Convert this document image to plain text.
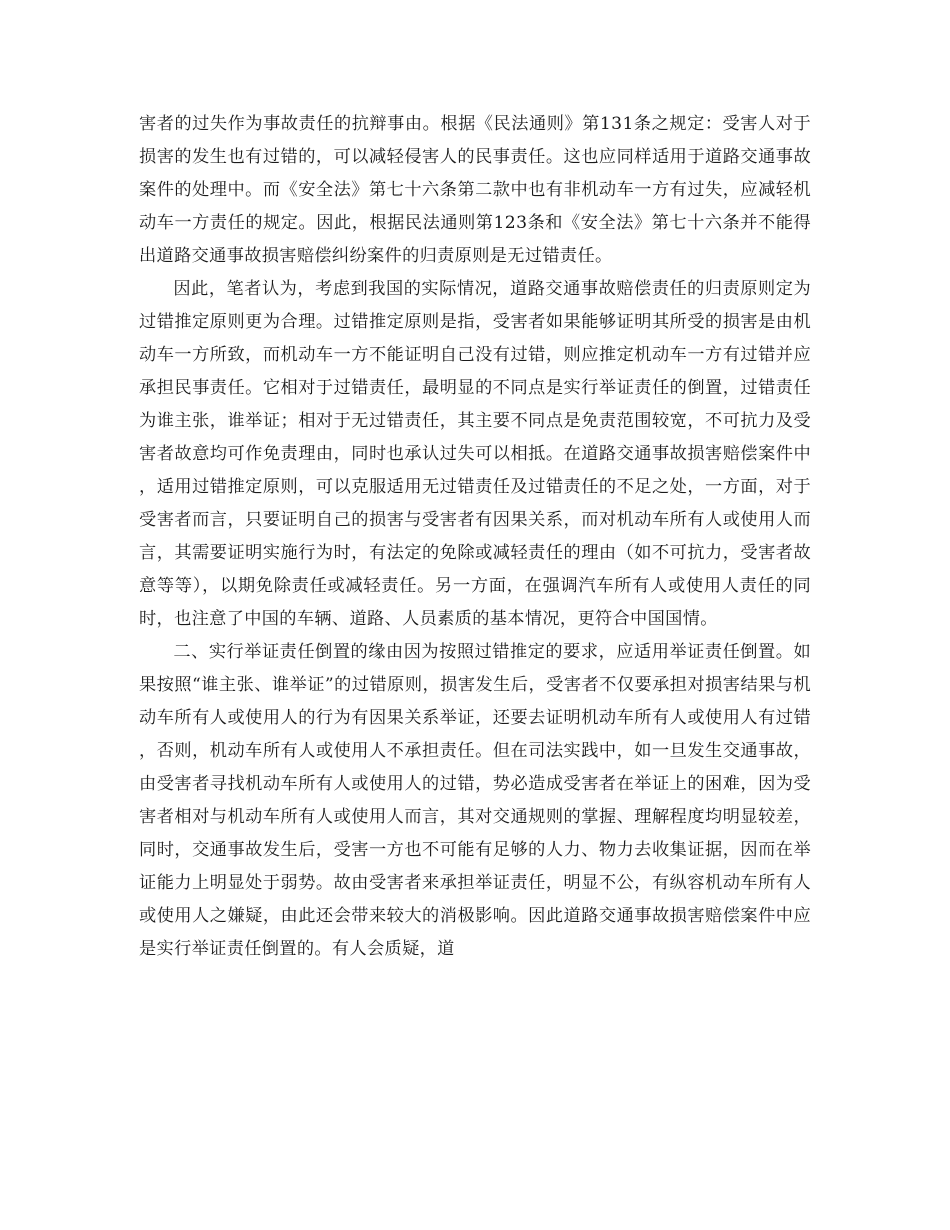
害者的过失作为事故责任的抗辩事由。根据《民法通则》第131条之规定：受害人对于损害的发生也有过错的，可以减轻侵害人的民事责任。这也应同样适用于道路交通事故案件的处理中。而《安全法》第七十六条第二款中也有非机动车一方有过失，应减轻机动车一方责任的规定。因此，根据民法通则第123条和《安全法》第七十六条并不能得出道路交通事故损害赔偿纠纷案件的归责原则是无过错责任。

因此，笔者认为，考虑到我国的实际情况，道路交通事故赔偿责任的归责原则定为过错推定原则更为合理。过错推定原则是指，受害者如果能够证明其所受的损害是由机动车一方所致，而机动车一方不能证明自己没有过错，则应推定机动车一方有过错并应承担民事责任。它相对于过错责任，最明显的不同点是实行举证责任的倒置，过错责任为谁主张，谁举证；相对于无过错责任，其主要不同点是免责范围较宽，不可抗力及受害者故意均可作免责理由，同时也承认过失可以相抵。在道路交通事故损害赔偿案件中，适用过错推定原则，可以克服适用无过错责任及过错责任的不足之处，一方面，对于受害者而言，只要证明自己的损害与受害者有因果关系，而对机动车所有人或使用人而言，其需要证明实施行为时，有法定的免除或减轻责任的理由（如不可抗力，受害者故意等等），以期免除责任或减轻责任。另一方面，在强调汽车所有人或使用人责任的同时，也注意了中国的车辆、道路、人员素质的基本情况，更符合中国国情。

二、实行举证责任倒置的缘由因为按照过错推定的要求，应适用举证责任倒置。如果按照“谁主张、谁举证”的过错原则，损害发生后，受害者不仅要承担对损害结果与机动车所有人或使用人的行为有因果关系举证，还要去证明机动车所有人或使用人有过错，否则，机动车所有人或使用人不承担责任。但在司法实践中，如一旦发生交通事故，由受害者寻找机动车所有人或使用人的过错，势必造成受害者在举证上的困难，因为受害者相对与机动车所有人或使用人而言，其对交通规则的掌握、理解程度均明显较差，同时，交通事故发生后，受害一方也不可能有足够的人力、物力去收集证据，因而在举证能力上明显处于弱势。故由受害者来承担举证责任，明显不公，有纵容机动车所有人或使用人之嫌疑，由此还会带来较大的消极影响。因此道路交通事故损害赔偿案件中应是实行举证责任倒置的。有人会质疑，道
